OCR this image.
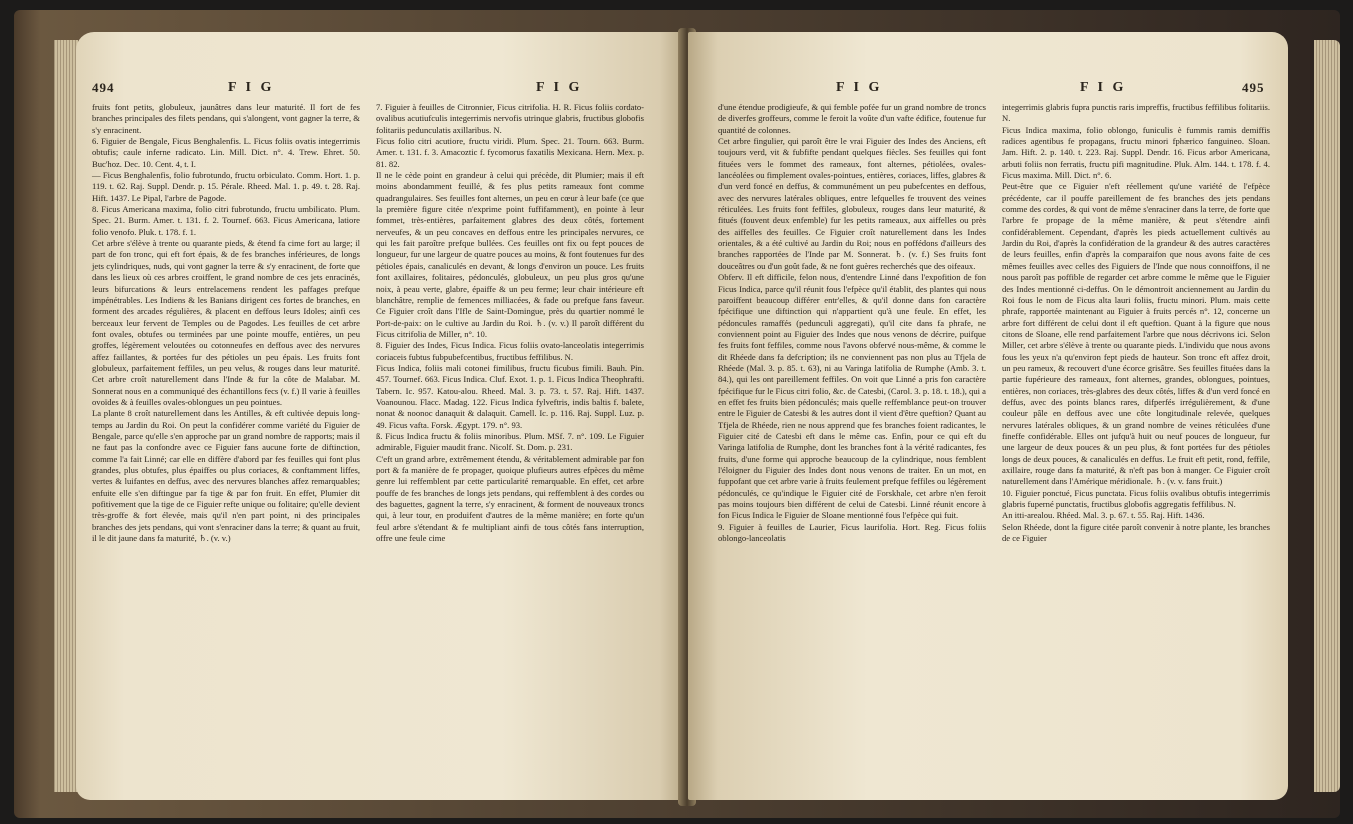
494	F I G	F I G
fruits font petits, globuleux, jaunâtres dans leur maturité. Il fort de fes branches principales des filets pendans, qui s'alongent, vont gagner la terre, & s'y enracinent.
6. Figuier de Bengale, Ficus Benghalenfis. L. Ficus foliis ovatis integerrimis obtufis; caule inferne radicato. Lin. Mill. Dict. n°. 4. Trew. Ehret. 50. Buc'hoz. Dec. 10. Cent. 4, t. I.
— Ficus Benghalenfis, folio fubrotundo, fructu orbiculato. Comm. Hort. 1. p. 119. t. 62. Raj. Suppl. Dendr. p. 15. Pérale. Rheed. Mal. 1. p. 49. t. 28. Raj. Hift. 1437. Le Pipal, l'arbre de Pagode.
8. Ficus Americana maxima, folio citri fubrotundo, fructu umbilicato. Plum. Spec. 21. Burm. Amer. t. 131. f. 2. Tournef. 663. Ficus Americana, latiore folio venofo. Pluk. t. 178. f. 1.
Cet arbre s'élève à trente ou quarante pieds, & étend fa cime fort au large; il part de fon tronc, qui eft fort épais, & de fes branches inférieures, de longs jets cylindriques, nuds, qui vont gagner la terre & s'y enracinent, de forte que dans les lieux où ces arbres croiffent, le grand nombre de ces jets enracinés, leurs bifurcations & leurs entrelacemens rendent les paffages prefque impénétrables. Les Indiens & les Banians dirigent ces fortes de branches, en forment des arcades régulières, & placent en deffous leurs Idoles; ainfi ces berceaux leur fervent de Temples ou de Pagodes. Les feuilles de cet arbre font ovales, obtufes ou terminées par une pointe mouffe, entières, un peu groffes, légèrement veloutées ou cotonneufes en deffous avec des nervures affez faillantes, & portées fur des pétioles un peu épais. Les fruits font globuleux, parfaitement feffiles, un peu velus, & rouges dans leur maturité. Cet arbre croît naturellement dans l'Inde & fur la côte de Malabar. M. Sonnerat nous en a communiqué des échantillons fecs (v. f.) Il varie à feuilles ovoïdes & à feuilles ovales-oblongues un peu pointues.
La plante 8 croît naturellement dans les Antilles, & eft cultivée depuis long-temps au Jardin du Roi. On peut la confidérer comme variété du Figuier de Bengale, parce qu'elle s'en approche par un grand nombre de rapports; mais il ne faut pas la confondre avec ce Figuier fans aucune forte de diftinction, comme l'a fait Linné; car elle en diffère d'abord par fes feuilles qui font plus grandes, plus obtufes, plus épaiffes ou plus coriaces, & conftamment liffes, vertes & luifantes en deffus, avec des nervures blanches affez remarquables; enfuite elle s'en diftingue par fa tige & par fon fruit. En effet, Plumier dit pofitivement que la tige de ce Figuier refte unique ou folitaire; qu'elle devient très-groffe & fort élevée, mais qu'il n'en part point, ni des principales branches des jets pendans, qui vont s'enraciner dans la terre; & quant au fruit, il le dit jaune dans fa maturité, ♄. (v. v.)
7. Figuier à feuilles de Citronnier, Ficus citrifolia. H. R. Ficus foliis cordato-ovalibus acutiufculis integerrimis nervofis utrinque glabris, fructibus globofis folitariis pedunculatis axillaribus. N.
Ficus folio citri acutiore, fructu viridi. Plum. Spec. 21. Tourn. 663. Burm. Amer. t. 131. f. 3. Amacoztic f. fycomorus faxatilis Mexicana. Hern. Mex. p. 81. 82.
Il ne le cède point en grandeur à celui qui précède, dit Plumier; mais il eft moins abondamment feuillé, & fes plus petits rameaux font comme quadrangulaires. Ses feuilles font alternes, un peu en cœur à leur bafe (ce que la première figure citée n'exprime point fuffifamment), en pointe à leur fommet, très-entières, parfaitement glabres des deux côtés, fortement nerveufes, & un peu concaves en deffous entre les principales nervures, ce qui les fait paroître prefque bullées. Ces feuilles ont fix ou fept pouces de longueur, fur une largeur de quatre pouces au moins, & font foutenues fur des pétioles épais, canaliculés en devant, & longs d'environ un pouce. Les fruits font axillaires, folitaires, pédonculés, globuleux, un peu plus gros qu'une noix, à peau verte, glabre, épaiffe & un peu ferme; leur chair intérieure eft blanchâtre, remplie de femences milliacées, & fade ou prefque fans faveur. Ce Figuier croît dans l'Ifle de Saint-Domingue, près du quartier nommé le Port-de-paix: on le cultive au Jardin du Roi. ♄. (v. v.) Il paroît différent du Ficus citrifolia de Miller, n°. 10.
8. Figuier des Indes, Ficus Indica. Ficus foliis ovato-lanceolatis integerrimis coriaceis fubtus fubpubefcentibus, fructibus feffilibus. N.
Ficus Indica, foliis mali cotonei fimilibus, fructu ficubus fimili. Bauh. Pin. 457. Tournef. 663. Ficus Indica. Cluf. Exot. 1. p. 1. Ficus Indica Theophrafti. Tabern. Ic. 957. Katou-alou. Rheed. Mal. 3. p. 73. t. 57. Raj. Hift. 1437. Voanounou. Flacc. Madag. 122. Ficus Indica fylveftris, indis baltis f. balete, nonat & noonoc danaquit & dalaquit. Camell. Ic. p. 116. Raj. Suppl. Luz. p. 49. Ficus vafta. Forsk. Ægypt. 179. n°. 93.
ß. Ficus Indica fructu & foliis minoribus. Plum. MSf. 7. n°. 109. Le Figuier admirable, Figuier maudit franc. Nicolf. St. Dom. p. 231.
C'eft un grand arbre, extrêmement étendu, & véritablement admirable par fon port & fa manière de fe propager, quoique plufieurs autres efpèces du même genre lui reffemblent par cette particularité remarquable. En effet, cet arbre pouffe de fes branches de longs jets pendans, qui reffemblent à des cordes ou des baguettes, gagnent la terre, s'y enracinent, & forment de nouveaux troncs qui, à leur tour, en produifent d'autres de la même manière; en forte qu'un feul arbre s'étendant & fe multipliant ainfi de tous côtés fans interruption, offre une feule cime
F I G	F I G	495
d'une étendue prodigieufe, & qui femble pofée fur un grand nombre de troncs de diverfes groffeurs, comme le feroit la voûte d'un vafte édifice, foutenue fur quantité de colonnes.
Cet arbre fingulier, qui paroît être le vrai Figuier des Indes des Anciens, eft toujours verd, vit & fubfifte pendant quelques fiècles. Ses feuilles qui font fituées vers le fommet des rameaux, font alternes, pétiolées, ovales-lancéolées ou fimplement ovales-pointues, entières, coriaces, liffes, glabres & d'un verd foncé en deffus, & communément un peu pubefcentes en deffous, avec des nervures latérales obliques, entre lefquelles fe trouvent des veines réticulées. Les fruits font feffiles, globuleux, rouges dans leur maturité, & fitués (fouvent deux enfemble) fur les petits rameaux, aux aiffelles ou près des aiffelles des feuilles. Ce Figuier croît naturellement dans les Indes orientales, & a été cultivé au Jardin du Roi; nous en poffédons d'ailleurs des branches rapportées de l'Inde par M. Sonnerat. ♄. (v. f.) Ses fruits font douceâtres ou d'un goût fade, & ne font guères recherchés que des oifeaux.
Obferv. Il eft difficile, felon nous, d'entendre Linné dans l'expofition de fon Ficus Indica, parce qu'il réunit fous l'efpèce qu'il établit, des plantes qui nous paroiffent beaucoup différer entr'elles, & qu'il donne dans fon caractère fpécifique une diftinction qui n'appartient qu'à une feule. En effet, les pédoncules ramaffés (pedunculi aggregati), qu'il cite dans fa phrafe, ne conviennent point au Figuier des Indes que nous venons de décrire, puifque fes fruits font feffiles, comme nous l'avons obfervé nous-même, & comme le dit Rhéede dans fa defcription; ils ne conviennent pas non plus au Tfjela de Rhéede (Mal. 3. p. 85. t. 63), ni au Varinga latifolia de Rumphe (Amb. 3. t. 84.), qui les ont pareillement feffiles. On voit que Linné a pris fon caractère fpécifique fur le Ficus citri folio, &c. de Catesbi, (Carol. 3. p. 18. t. 18.), qui a en effet fes fruits bien pédonculés; mais quelle reffemblance peut-on trouver entre le Figuier de Catesbi & les autres dont il vient d'être queftion? Quant au Tfjela de Rhéede, rien ne nous apprend que fes branches foient radicantes, le Figuier cité de Catesbi eft dans le même cas. Enfin, pour ce qui eft du Varinga latifolia de Rumphe, dont les branches font à la vérité radicantes, fes fruits, d'une forme qui approche beaucoup de la cylindrique, nous femblent l'éloigner du Figuier des Indes dont nous venons de traiter. En un mot, en fuppofant que cet arbre varie à fruits feulement prefque feffiles ou légèrement pédonculés, ce qu'indique le Figuier cité de Forskhale, cet arbre n'en feroit pas moins toujours bien différent de celui de Catesbi. Linné réunit encore à fon Ficus Indica le Figuier de Sloane mentionné fous l'efpèce qui fuit.
9. Figuier à feuilles de Laurier, Ficus laurifolia. Hort. Reg. Ficus foliis oblongo-lanceolatis
integerrimis glabris fupra punctis raris impreffis, fructibus feffilibus folitariis. N.
Ficus Indica maxima, folio oblongo, funiculis è fummis ramis demiffis radices agentibus fe propagans, fructu minori fphærico fanguineo. Sloan. Jam. Hift. 2. p. 140. t. 223. Raj. Suppl. Dendr. 16. Ficus arbor Americana, arbuti foliis non ferratis, fructu pifi magnitudine. Pluk. Alm. 144. t. 178. f. 4. Ficus maxima. Mill. Dict. n°. 6.
Peut-être que ce Figuier n'eft réellement qu'une variété de l'efpèce précédente, car il pouffe pareillement de fes branches des jets pendans comme des cordes, & qui vont de même s'enraciner dans la terre, de forte que l'arbre fe propage de la même manière, & peut s'étendre ainfi confidérablement. Cependant, d'après les pieds actuellement cultivés au Jardin du Roi, d'après la confidération de la grandeur & des autres caractères de leurs feuilles, enfin d'après la comparaifon que nous avons faite de ces mêmes feuilles avec celles des Figuiers de l'Inde que nous connoiffons, il ne nous paroît pas poffible de regarder cet arbre comme le même que le Figuier des Indes mentionné ci-deffus. On le démontroit anciennement au Jardin du Roi fous le nom de Ficus alta lauri foliis, fructu minori. Plum. mais cette phrafe, rapportée maintenant au Figuier à fruits percés n°. 12, concerne un arbre fort différent de celui dont il eft queftion. Quant à la figure que nous citons de Sloane, elle rend parfaitement l'arbre que nous décrivons ici. Selon Miller, cet arbre s'élève à trente ou quarante pieds. L'individu que nous avons fous les yeux n'a qu'environ fept pieds de hauteur. Son tronc eft affez droit, un peu rameux, & recouvert d'une écorce grisâtre. Ses feuilles fituées dans la partie fupérieure des rameaux, font alternes, grandes, oblongues, pointues, entières, non coriaces, très-glabres des deux côtés, liffes & d'un verd foncé en deffus, avec des points blancs rares, difperfés irrégulièrement, & d'une couleur pâle en deffous avec une côte longitudinale relevée, quelques nervures latérales obliques, & un grand nombre de veines réticulées d'une fineffe confidérable. Elles ont jufqu'à huit ou neuf pouces de longueur, fur une largeur de deux pouces & un peu plus, & font portées fur des pétioles longs de deux pouces, & canaliculés en deffus. Le fruit eft petit, rond, feffile, axillaire, rouge dans fa maturité, & n'eft pas bon à manger. Ce Figuier croît naturellement dans l'Amérique méridionale. ♄. (v. v. fans fruit.)
10. Figuier ponctué, Ficus punctata. Ficus foliis ovalibus obtufis integerrimis glabris fuperné punctatis, fructibus globofis aggregatis feffilibus. N.
An itti-arealou. Rhéed. Mal. 3. p. 67. t. 55. Raj. Hift. 1436.
Selon Rhéede, dont la figure citée paroît convenir à notre plante, les branches de ce Figuier
